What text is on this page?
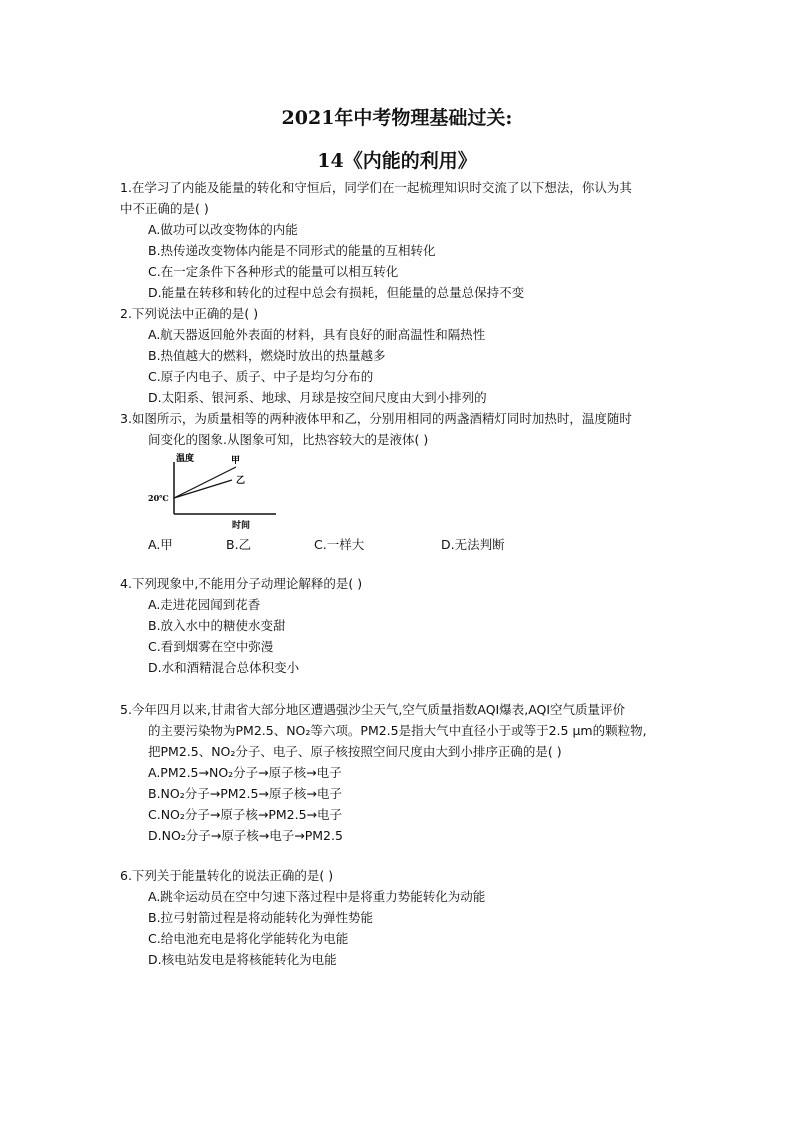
2021年中考物理基础过关:
14《内能的利用》
1.在学习了内能及能量的转化和守恒后，同学们在一起梳理知识时交流了以下想法，你认为其
中不正确的是( )
A.做功可以改变物体的内能
B.热传递改变物体内能是不同形式的能量的互相转化
C.在一定条件下各种形式的能量可以相互转化
D.能量在转移和转化的过程中总会有损耗，但能量的总量总保持不变
2.下列说法中正确的是( )
A.航天器返回舱外表面的材料，具有良好的耐高温性和隔热性
B.热值越大的燃料，燃烧时放出的热量越多
C.原子内电子、质子、中子是均匀分布的
D.太阳系、银河系、地球、月球是按空间尺度由大到小排列的
3.如图所示，为质量相等的两种液体甲和乙，分别用相同的两盏酒精灯同时加热时，温度随时
间变化的图象.从图象可知，比热容较大的是液体( )
温度
时间
20℃
甲
乙
A.甲	B.乙	C.一样大	D.无法判断
4.下列现象中,不能用分子动理论解释的是( )
A.走进花园闻到花香
B.放入水中的糖使水变甜
C.看到烟雾在空中弥漫
D.水和酒精混合总体积变小
5.今年四月以来,甘肃省大部分地区遭遇强沙尘天气,空气质量指数AQI爆表,AQI空气质量评价
的主要污染物为PM2.5、NO₂等六项。PM2.5是指大气中直径小于或等于2.5 μm的颗粒物,
把PM2.5、NO₂分子、电子、原子核按照空间尺度由大到小排序正确的是( )
A.PM2.5→NO₂分子→原子核→电子
B.NO₂分子→PM2.5→原子核→电子
C.NO₂分子→原子核→PM2.5→电子
D.NO₂分子→原子核→电子→PM2.5
6.下列关于能量转化的说法正确的是( )
A.跳伞运动员在空中匀速下落过程中是将重力势能转化为动能
B.拉弓射箭过程是将动能转化为弹性势能
C.给电池充电是将化学能转化为电能
D.核电站发电是将核能转化为电能
